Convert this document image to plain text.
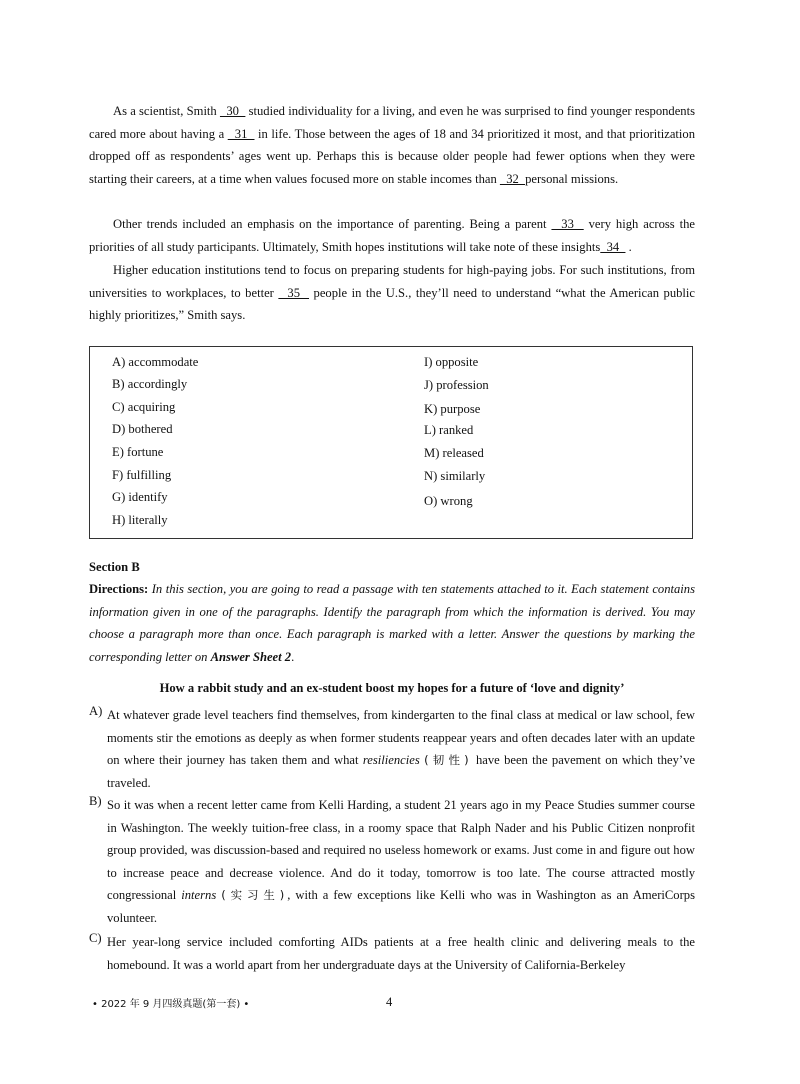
As a scientist, Smith   30   studied individuality for a living, and even he was surprised to find younger respondents cared more about having a   31   in life. Those between the ages of 18 and 34 prioritized it most, and that prioritization dropped off as respondents’ ages went up. Perhaps this is because older people had fewer options when they were starting their careers, at a time when values focused more on stable incomes than   32  personal missions.

Other trends included an emphasis on the importance of parenting. Being a parent   33   very high across the priorities of all study participants. Ultimately, Smith hopes institutions will take note of these insights  34   .

Higher education institutions tend to focus on preparing students for high-paying jobs. For such institutions, from universities to workplaces, to better   35   people in the U.S., they’ll need to understand “what the American public highly prioritizes,” Smith says.

A) accommodate
B) accordingly
C) acquiring
D) bothered
E) fortune
F) fulfilling
G) identify
H) literally
I) opposite
J) profession
K) purpose
L) ranked
M) released
N) similarly
O) wrong
Section B

Directions: In this section, you are going to read a passage with ten statements attached to it. Each statement contains information given in one of the paragraphs. Identify the paragraph from which the information is derived. You may choose a paragraph more than once. Each paragraph is marked with a letter. Answer the questions by marking the corresponding letter on Answer Sheet 2.

How a rabbit study and an ex-student boost my hopes for a future of ‘love and dignity’
A) At whatever grade level teachers find themselves, from kindergarten to the final class at medical or law school, few moments stir the emotions as deeply as when former students reappear years and often decades later with an update on where their journey has taken them and what resiliencies (韧性) have been the pavement on which they’ve traveled.

B) So it was when a recent letter came from Kelli Harding, a student 21 years ago in my Peace Studies summer course in Washington. The weekly tuition-free class, in a roomy space that Ralph Nader and his Public Citizen nonprofit group provided, was discussion-based and required no useless homework or exams. Just come in and figure out how to increase peace and decrease violence. And do it today, tomorrow is too late. The course attracted mostly congressional interns (实习生), with a few exceptions like Kelli who was in Washington as an AmeriCorps volunteer.

C) Her year-long service included comforting AIDs patients at a free health clinic and delivering meals to the homebound. It was a world apart from her undergraduate days at the University of California-Berkeley

• 2022 年 9 月四级真题(第一套) •	4
